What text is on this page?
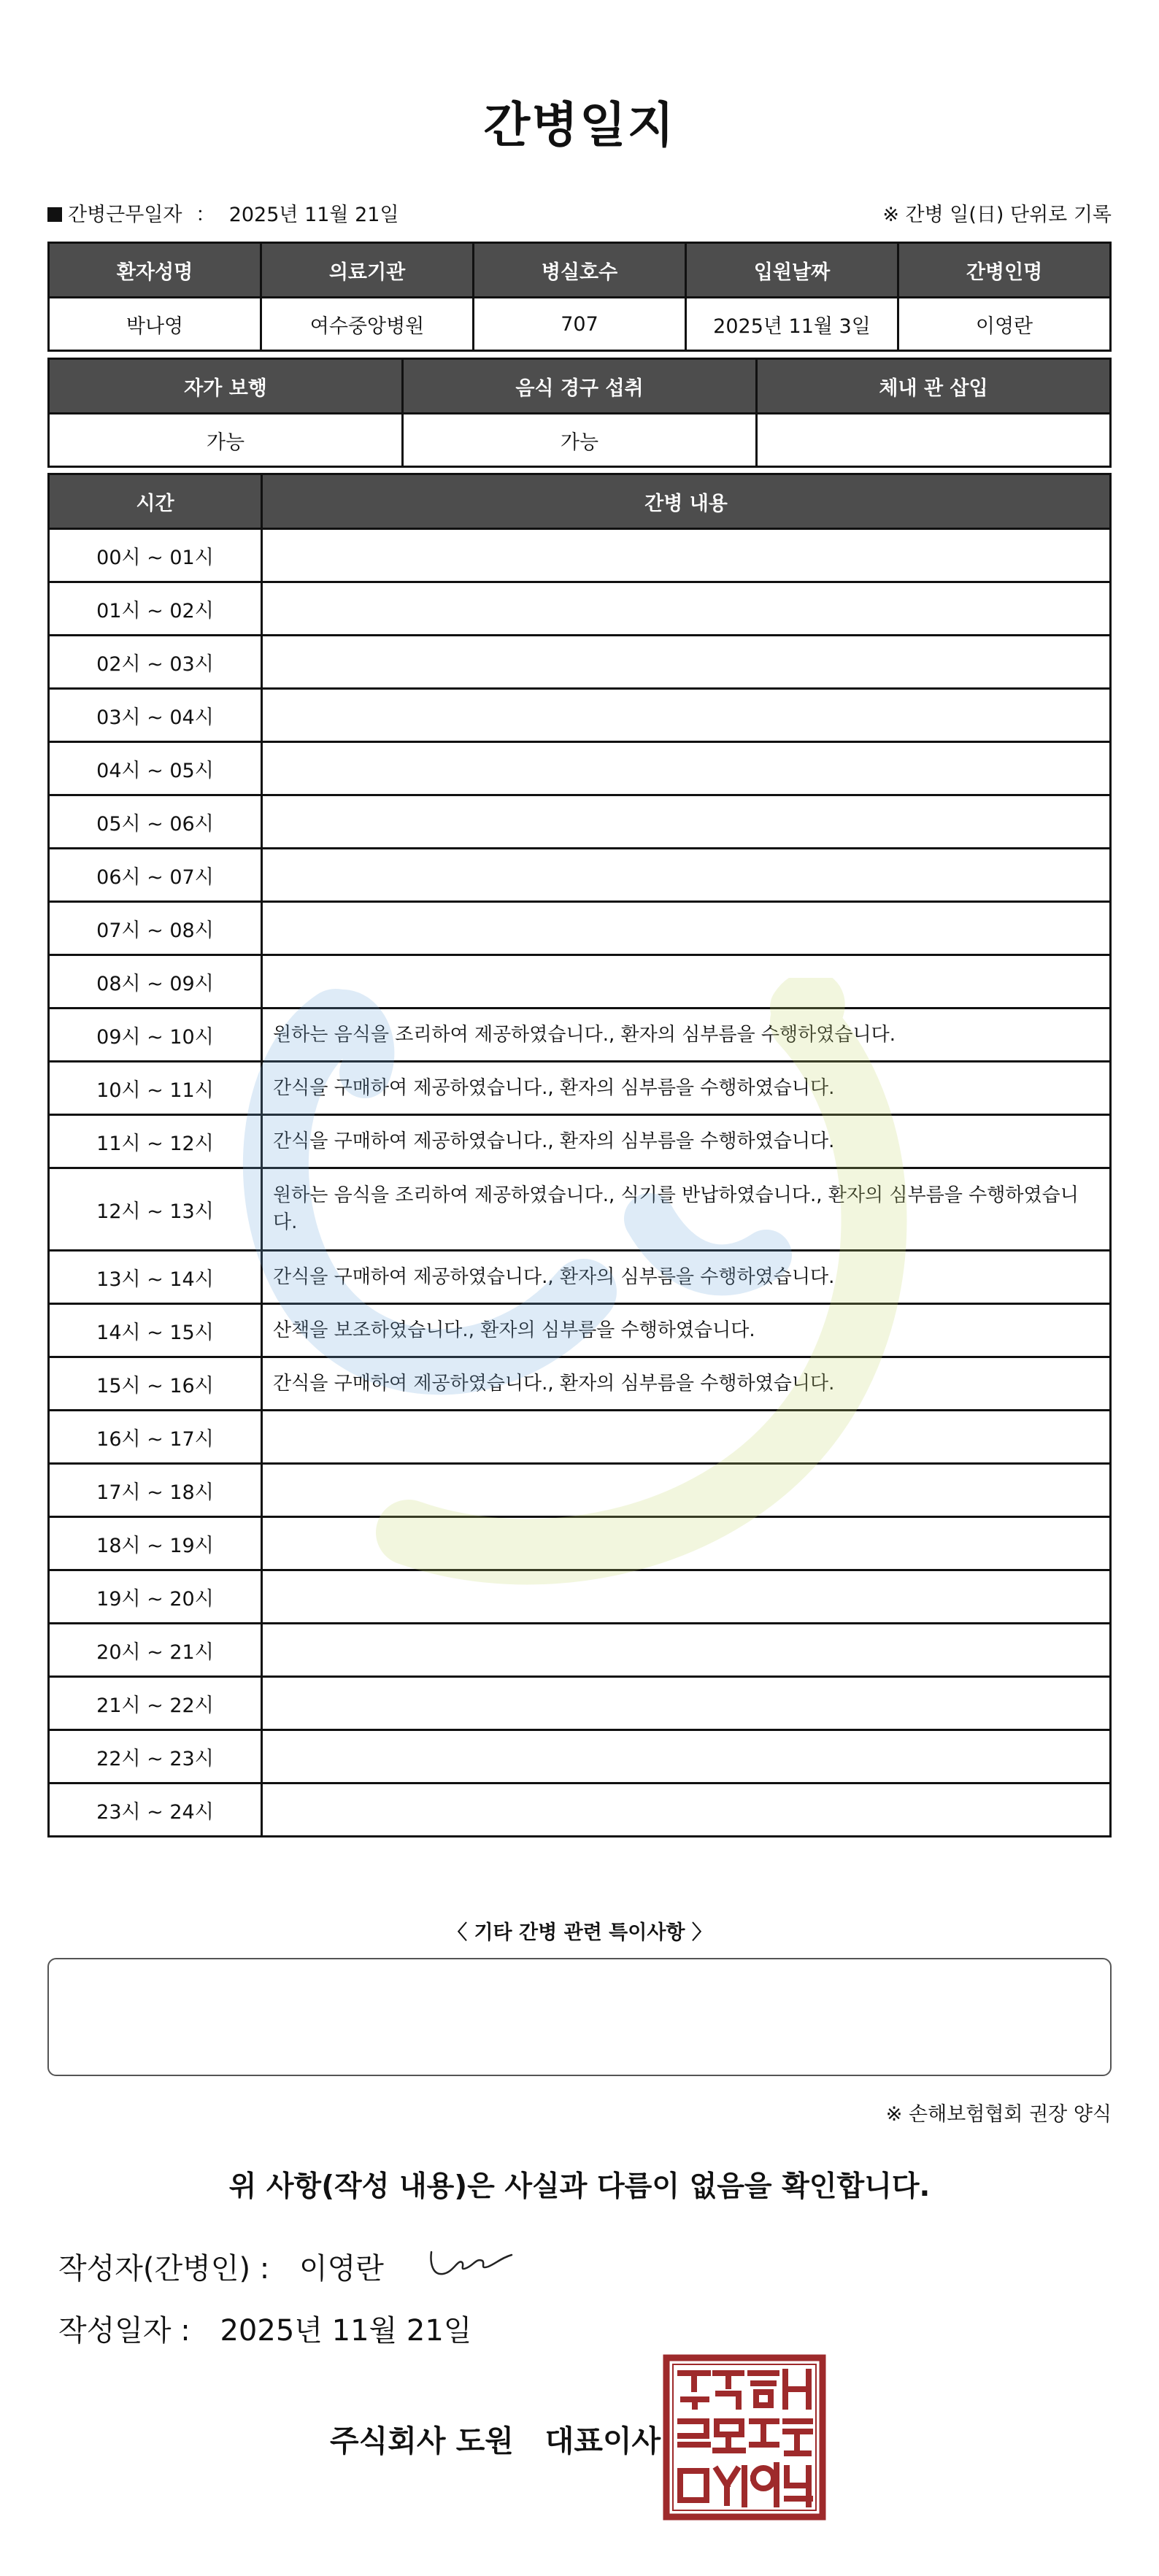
간병일지
간병근무일자 ： 2025년 11월 21일	※ 간병 일(日) 단위로 기록
환자성명	의료기관	병실호수	입원날짜	간병인명
박나영	여수중앙병원	707	2025년 11월 3일	이영란
자가 보행	음식 경구 섭취	체내 관 삽입
가능	가능	
시간	간병 내용
00시 ~ 01시	
01시 ~ 02시	
02시 ~ 03시	
03시 ~ 04시	
04시 ~ 05시	
05시 ~ 06시	
06시 ~ 07시	
07시 ~ 08시	
08시 ~ 09시	
09시 ~ 10시	원하는 음식을 조리하여 제공하였습니다., 환자의 심부름을 수행하였습니다.
10시 ~ 11시	간식을 구매하여 제공하였습니다., 환자의 심부름을 수행하였습니다.
11시 ~ 12시	간식을 구매하여 제공하였습니다., 환자의 심부름을 수행하였습니다.
12시 ~ 13시	원하는 음식을 조리하여 제공하였습니다., 식기를 반납하였습니다., 환자의 심부름을 수행하였습니다.
13시 ~ 14시	간식을 구매하여 제공하였습니다., 환자의 심부름을 수행하였습니다.
14시 ~ 15시	산책을 보조하였습니다., 환자의 심부름을 수행하였습니다.
15시 ~ 16시	간식을 구매하여 제공하였습니다., 환자의 심부름을 수행하였습니다.
16시 ~ 17시	
17시 ~ 18시	
18시 ~ 19시	
19시 ~ 20시	
20시 ~ 21시	
21시 ~ 22시	
22시 ~ 23시	
23시 ~ 24시	
〈 기타 간병 관련 특이사항 〉
※ 손해보험협회 권장 양식
위 사항(작성 내용)은 사실과 다름이 없음을 확인합니다.
작성자(간병인) : 이영란
작성일자 : 2025년 11월 21일
주식회사 도원   대표이사
